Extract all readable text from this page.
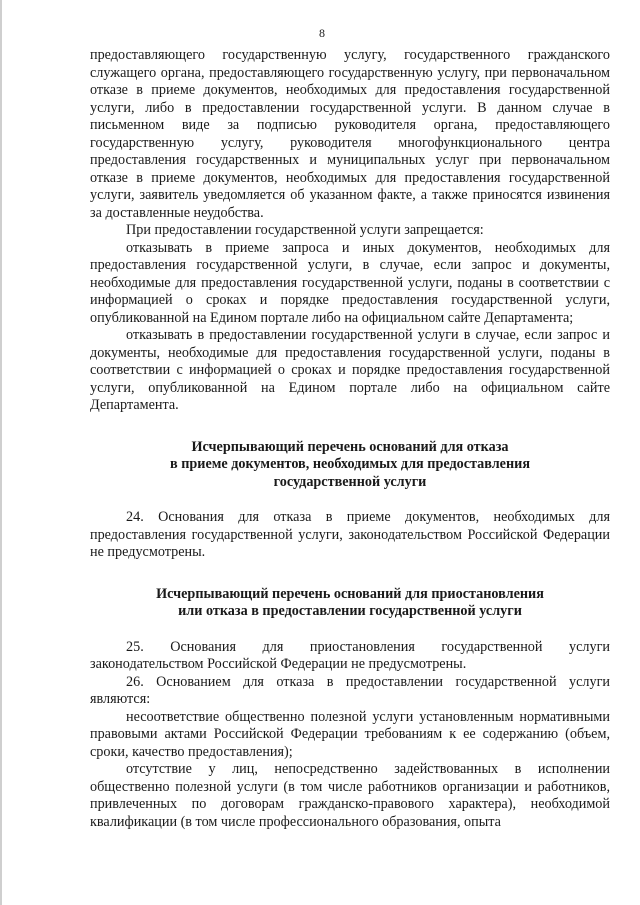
8

предоставляющего государственную услугу, государственного гражданского служащего органа, предоставляющего государственную услугу, при первоначальном отказе в приеме документов, необходимых для предоставления государственной услуги, либо в предоставлении государственной услуги. В данном случае в письменном виде за подписью руководителя органа, предоставляющего государственную услугу, руководителя многофункционального центра предоставления государственных и муниципальных услуг при первоначальном отказе в приеме документов, необходимых для предоставления государственной услуги, заявитель уведомляется об указанном факте, а также приносятся извинения за доставленные неудобства.

При предоставлении государственной услуги запрещается:

отказывать в приеме запроса и иных документов, необходимых для предоставления государственной услуги, в случае, если запрос и документы, необходимые для предоставления государственной услуги, поданы в соответствии с информацией о сроках и порядке предоставления государственной услуги, опубликованной на Едином портале либо на официальном сайте Департамента;

отказывать в предоставлении государственной услуги в случае, если запрос и документы, необходимые для предоставления государственной услуги, поданы в соответствии с информацией о сроках и порядке предоставления государственной услуги, опубликованной на Едином портале либо на официальном сайте Департамента.

Исчерпывающий перечень оснований для отказа

в приеме документов, необходимых для предоставления

государственной услуги

24. Основания для отказа в приеме документов, необходимых для предоставления государственной услуги, законодательством Российской Федерации не предусмотрены.

Исчерпывающий перечень оснований для приостановления

или отказа в предоставлении государственной услуги

25. Основания для приостановления государственной услуги законодательством Российской Федерации не предусмотрены.

26. Основанием для отказа в предоставлении государственной услуги являются:

несоответствие общественно полезной услуги установленным нормативными правовыми актами Российской Федерации требованиям к ее содержанию (объем, сроки, качество предоставления);

отсутствие у лиц, непосредственно задействованных в исполнении общественно полезной услуги (в том числе работников организации и работников, привлеченных по договорам гражданско-правового характера), необходимой квалификации (в том числе профессионального образования, опыта
